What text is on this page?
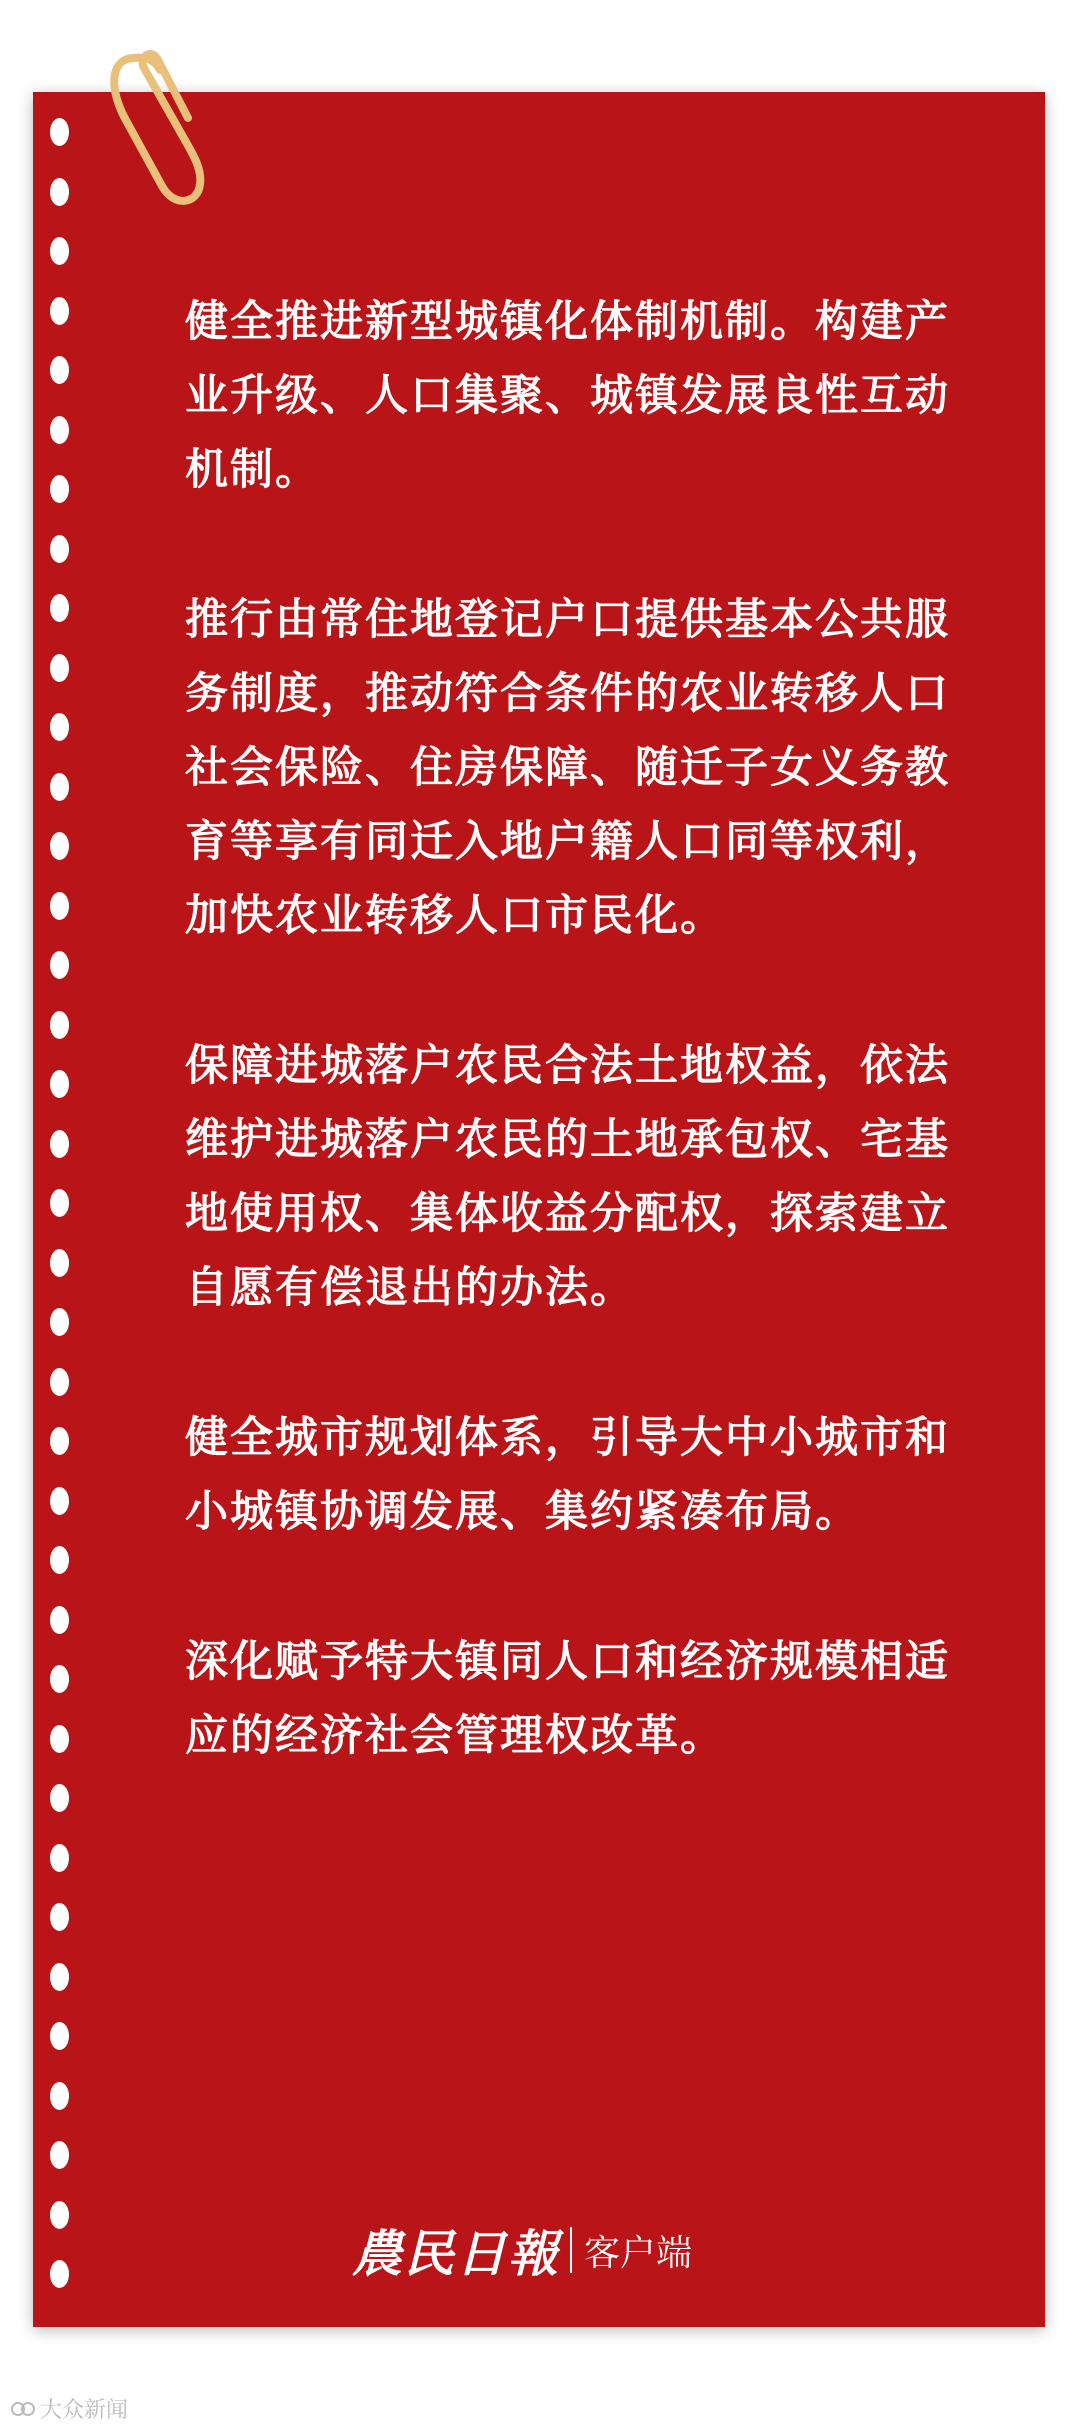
健全推进新型城镇化体制机制。构建产业升级、人口集聚、城镇发展良性互动机制。

推行由常住地登记户口提供基本公共服务制度，推动符合条件的农业转移人口社会保险、住房保障、随迁子女义务教育等享有同迁入地户籍人口同等权利，加快农业转移人口市民化。

保障进城落户农民合法土地权益，依法维护进城落户农民的土地承包权、宅基地使用权、集体收益分配权，探索建立自愿有偿退出的办法。

健全城市规划体系，引导大中小城市和小城镇协调发展、集约紧凑布局。

深化赋予特大镇同人口和经济规模相适应的经济社会管理权改革。

農民日報 客户端
大众新闻
